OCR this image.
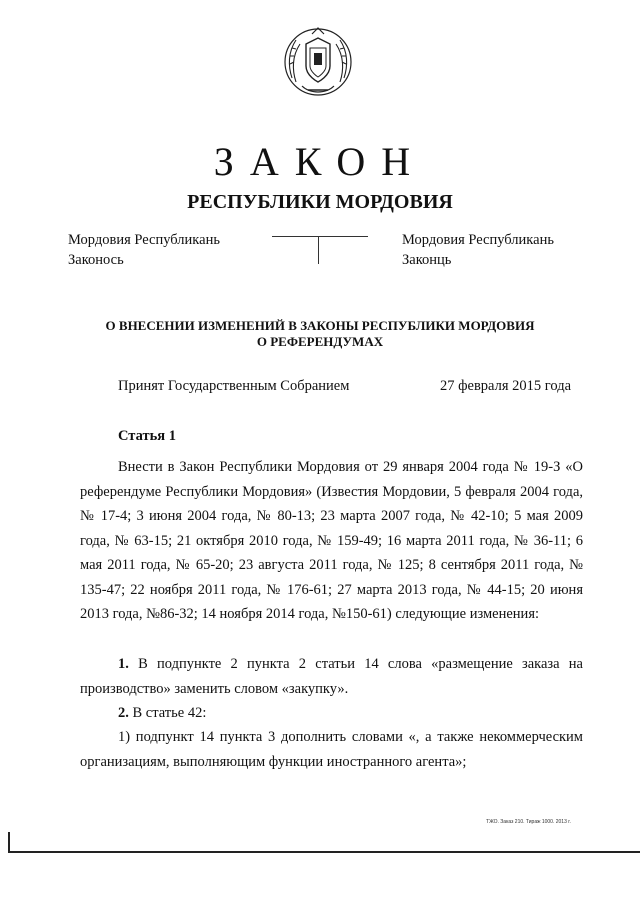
ЗАКОН
РЕСПУБЛИКИ МОРДОВИЯ
Мордовия Республикань
Законось
Мордовия Республикань
Законць
О ВНЕСЕНИИ ИЗМЕНЕНИЙ В ЗАКОНЫ РЕСПУБЛИКИ МОРДОВИЯ
О РЕФЕРЕНДУМАХ
Принят Государственным Собранием	27 февраля 2015 года
Статья 1

Внести в Закон Республики Мордовия от 29 января 2004 года № 19-З «О референдуме Республики Мордовия» (Известия Мордовии, 5 февраля 2004 года, № 17-4; 3 июня 2004 года, № 80-13; 23 марта 2007 года, № 42-10; 5 мая 2009 года, № 63-15; 21 октября 2010 года, № 159-49; 16 марта 2011 года, № 36-11; 6 мая 2011 года, № 65-20; 23 августа 2011 года, № 125; 8 сентября 2011 года, № 135-47; 22 ноября 2011 года, № 176-61; 27 марта 2013 года, № 44-15; 20 июня 2013 года, №86-32; 14 ноября 2014 года, №150-61) следующие изменения:

1. В подпункте 2 пункта 2 статьи 14 слова «размещение заказа на производство» заменить словом «закупку».

2. В статье 42:

1) подпункт 14 пункта 3 дополнить словами «, а также некоммерческим организациям, выполняющим функции иностранного агента»;

ТЖО. Заказ 210. Тираж 1000. 2013 г.
